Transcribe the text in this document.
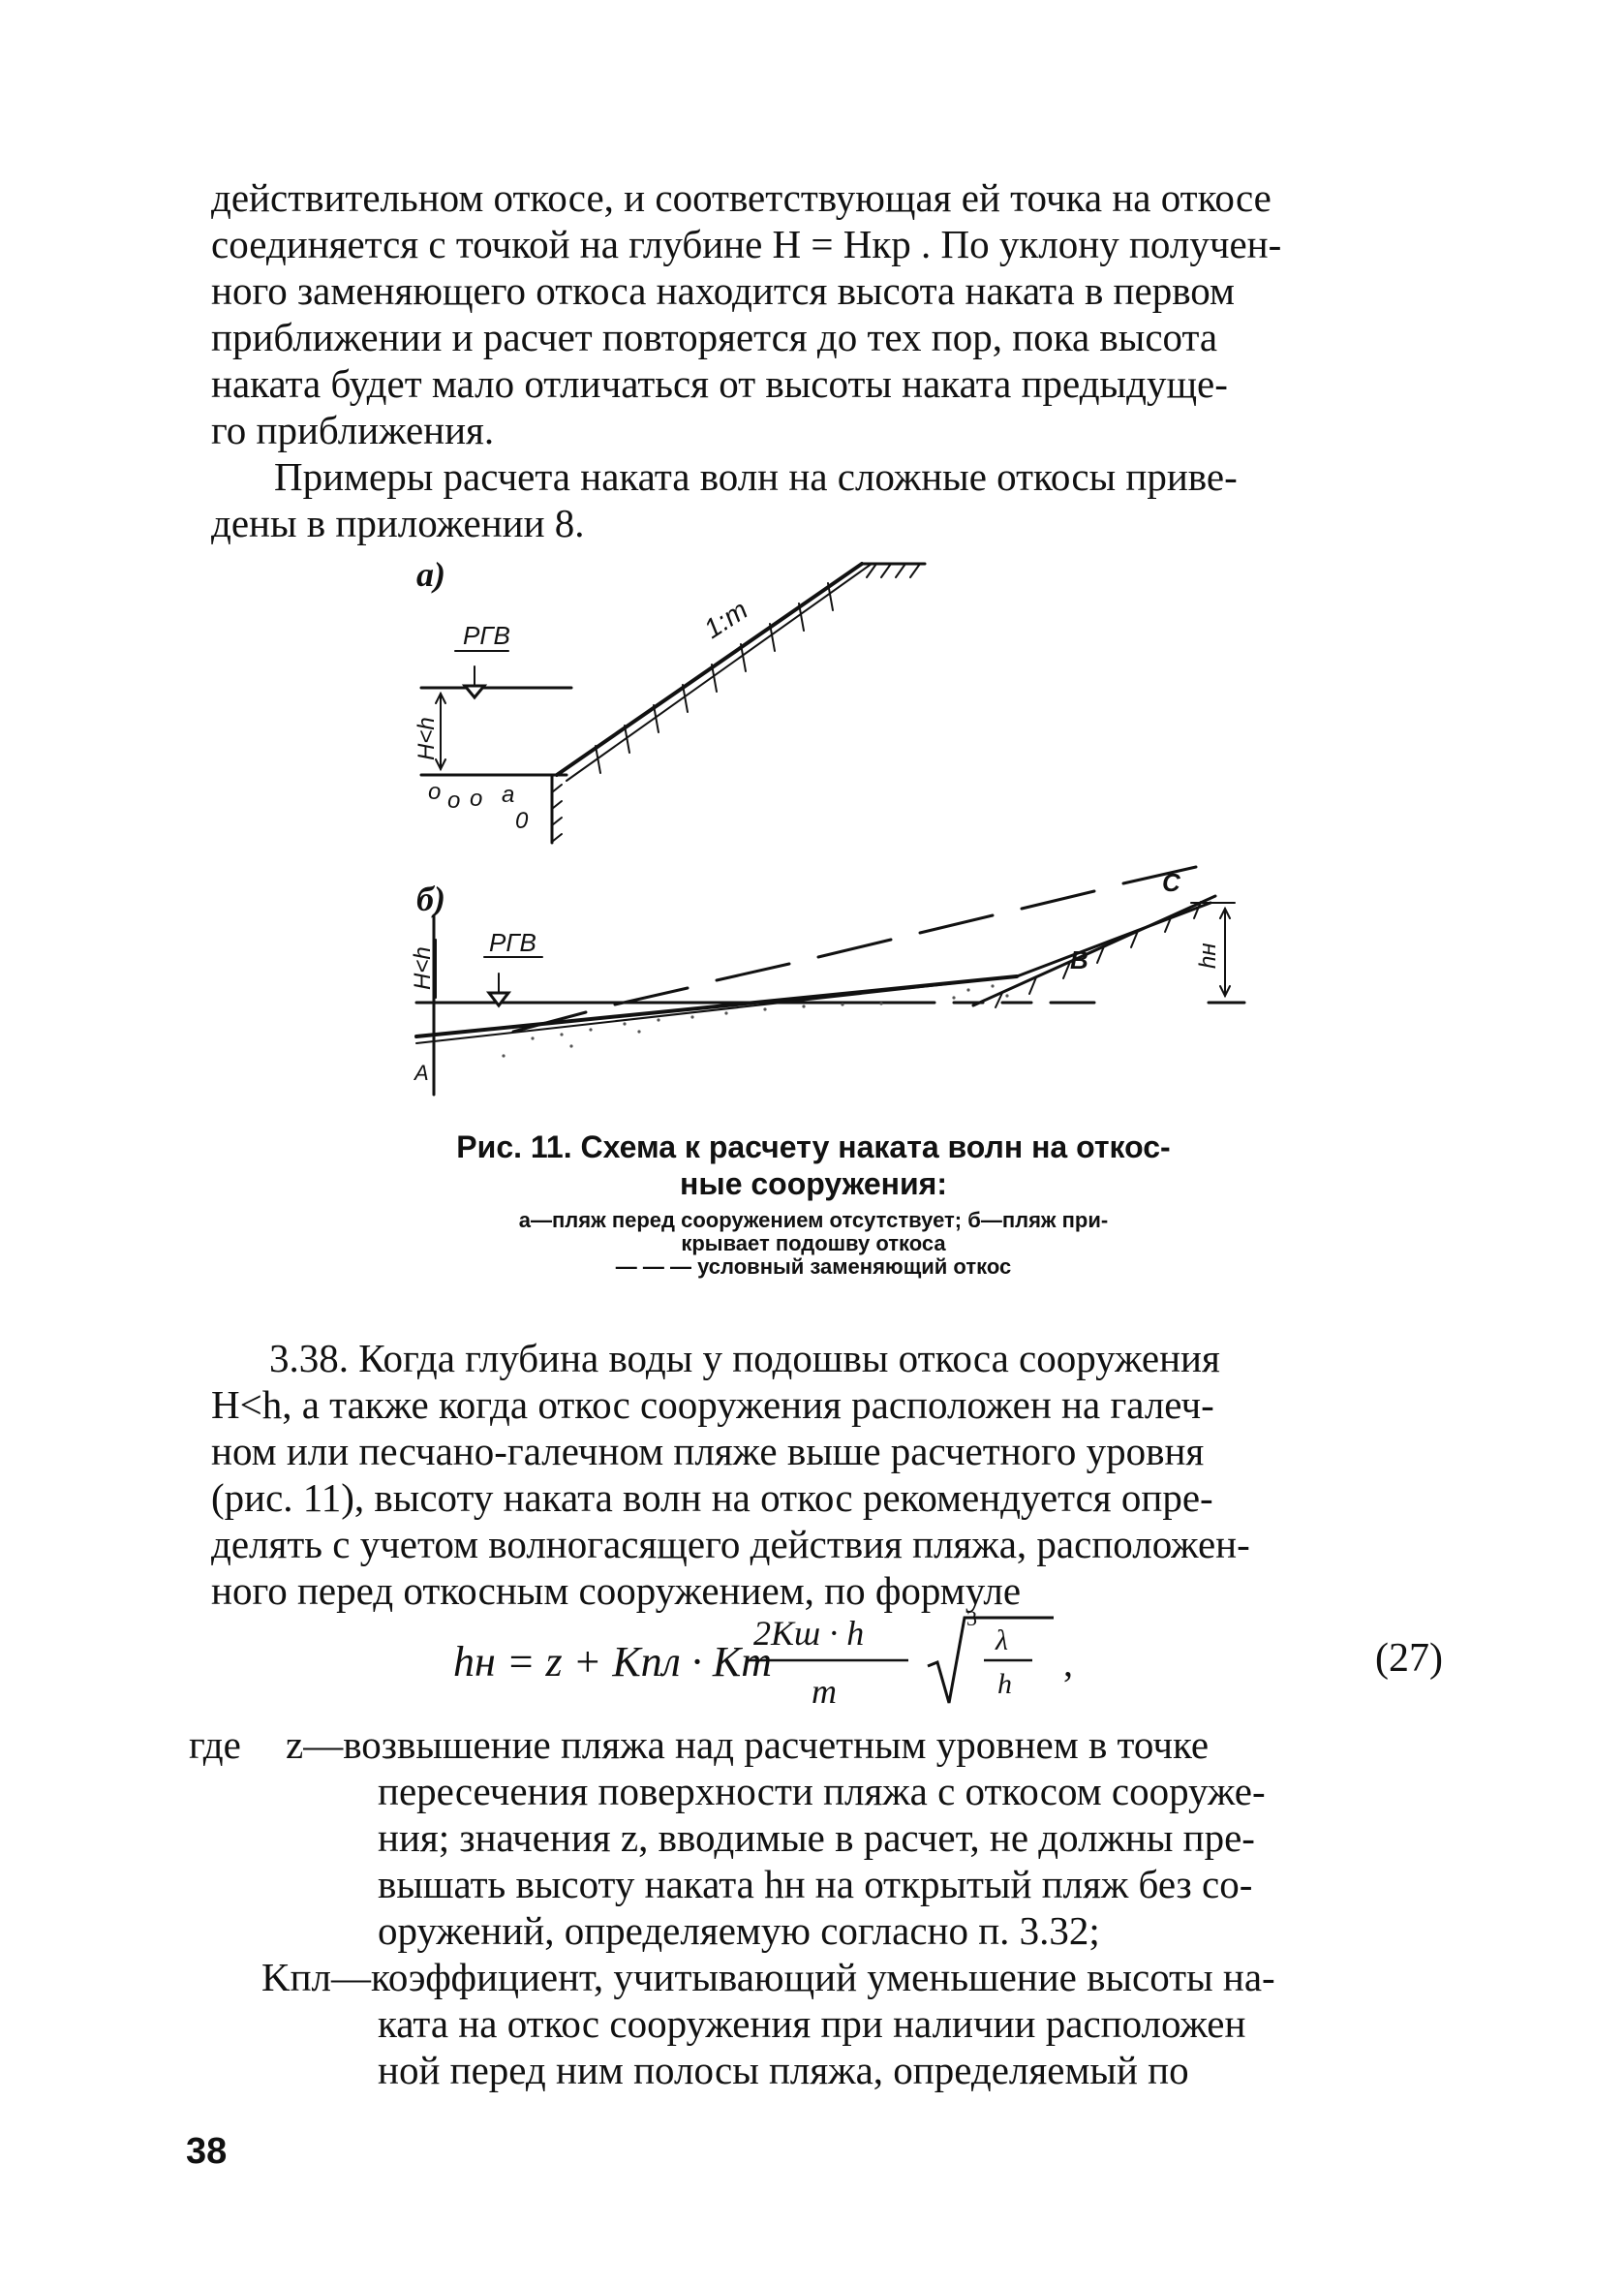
действительном откосе, и соответствующая ей точка на откосе
соединяется с точкой на глубине H = Hкр . По уклону получен-
ного заменяющего откоса находится высота наката в первом
приближении и расчет повторяется до тех пор, пока высота
наката будет мало отличаться от высоты наката предыдуще-
го приближения.
Примеры расчета наката волн на сложные откосы приве-
дены в приложении 8.
а)
РГВ
H<h
1:m
o o o a
0
б)
РГВ
H<h	hн
C
B
A
Рис. 11. Схема к расчету наката волн на откос-
ные сооружения:
а—пляж перед сооружением отсутствует; б—пляж при-
крывает подошву откоса
— — — условный заменяющий откос
3.38. Когда глубина воды у подошвы откоса сооружения
H<h, а также когда откос сооружения расположен на галеч-
ном или песчано-галечном пляже выше расчетного уровня
(рис. 11), высоту наката волн на откос рекомендуется опре-
делять с учетом волногасящего действия пляжа, расположен-
ного перед откосным сооружением, по формуле
hн = z + Kпл · Km
2Kш · h
m
3
λ
h ,	(27)
где z—возвышение пляжа над расчетным уровнем в точке
пересечения поверхности пляжа с откосом сооруже-
ния; значения z, вводимые в расчет, не должны пре-
вышать высоту наката hн на открытый пляж без со-
оружений, определяемую согласно п. 3.32;
Kпл—коэффициент, учитывающий уменьшение высоты на-
ката на откос сооружения при наличии расположен
ной перед ним полосы пляжа, определяемый по
38
